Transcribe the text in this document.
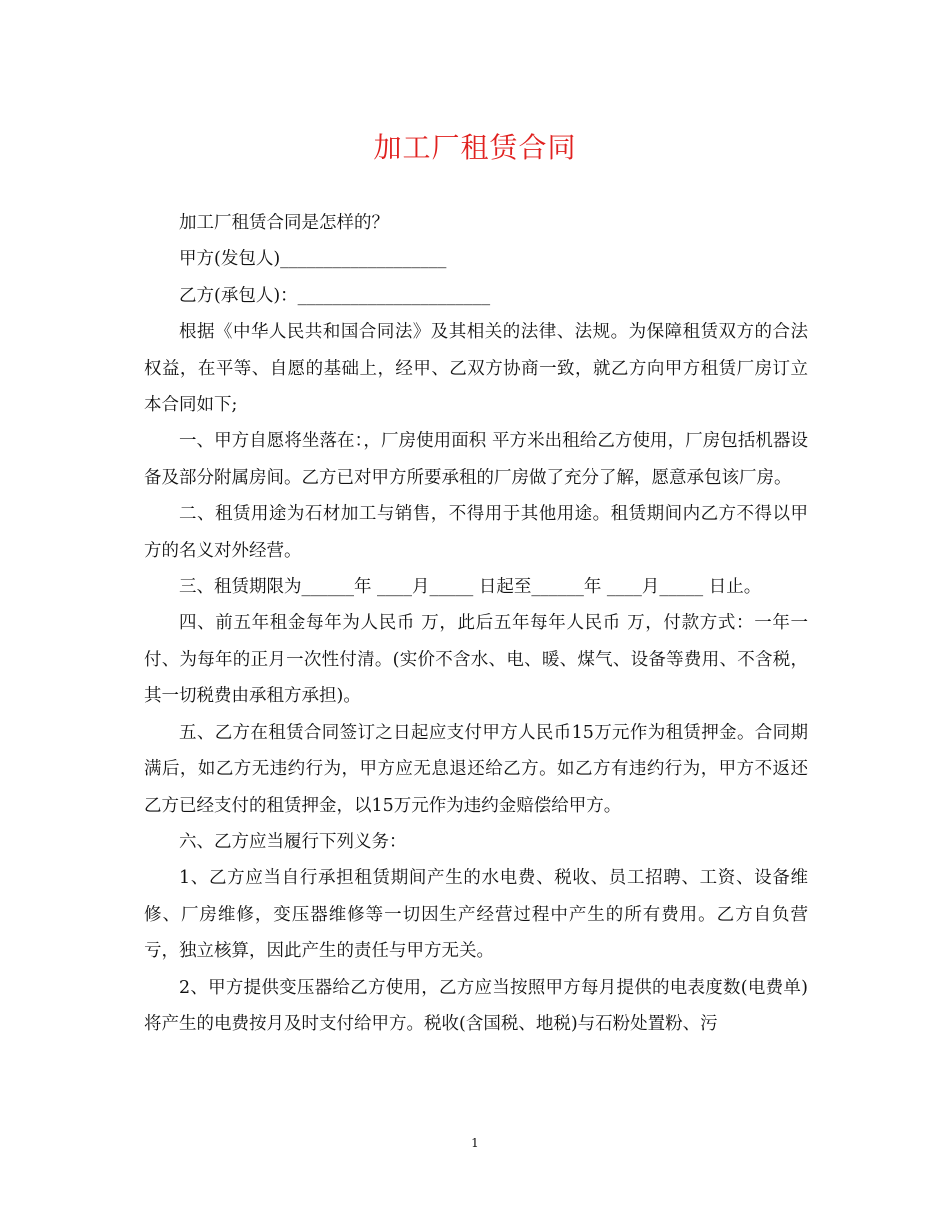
加工厂租赁合同

加工厂租赁合同是怎样的？

甲方(发包人)___________________

乙方(承包人)：______________________

根据《中华人民共和国合同法》及其相关的法律、法规。为保障租赁双方的合法权益，在平等、自愿的基础上，经甲、乙双方协商一致，就乙方向甲方租赁厂房订立本合同如下;

一、甲方自愿将坐落在：，厂房使用面积 平方米出租给乙方使用，厂房包括机器设备及部分附属房间。乙方已对甲方所要承租的厂房做了充分了解，愿意承包该厂房。

二、租赁用途为石材加工与销售，不得用于其他用途。租赁期间内乙方不得以甲方的名义对外经营。

三、租赁期限为______年 ____月_____ 日起至______年 ____月_____ 日止。

四、前五年租金每年为人民币 万，此后五年每年人民币 万，付款方式：一年一付、为每年的正月一次性付清。(实价不含水、电、暖、煤气、设备等费用、不含税，其一切税费由承租方承担)。

五、乙方在租赁合同签订之日起应支付甲方人民币15万元作为租赁押金。合同期满后，如乙方无违约行为，甲方应无息退还给乙方。如乙方有违约行为，甲方不返还乙方已经支付的租赁押金，以15万元作为违约金赔偿给甲方。

六、乙方应当履行下列义务：

1、乙方应当自行承担租赁期间产生的水电费、税收、员工招聘、工资、设备维修、厂房维修，变压器维修等一切因生产经营过程中产生的所有费用。乙方自负营亏，独立核算，因此产生的责任与甲方无关。

2、甲方提供变压器给乙方使用，乙方应当按照甲方每月提供的电表度数(电费单)将产生的电费按月及时支付给甲方。税收(含国税、地税)与石粉处置粉、污

1
